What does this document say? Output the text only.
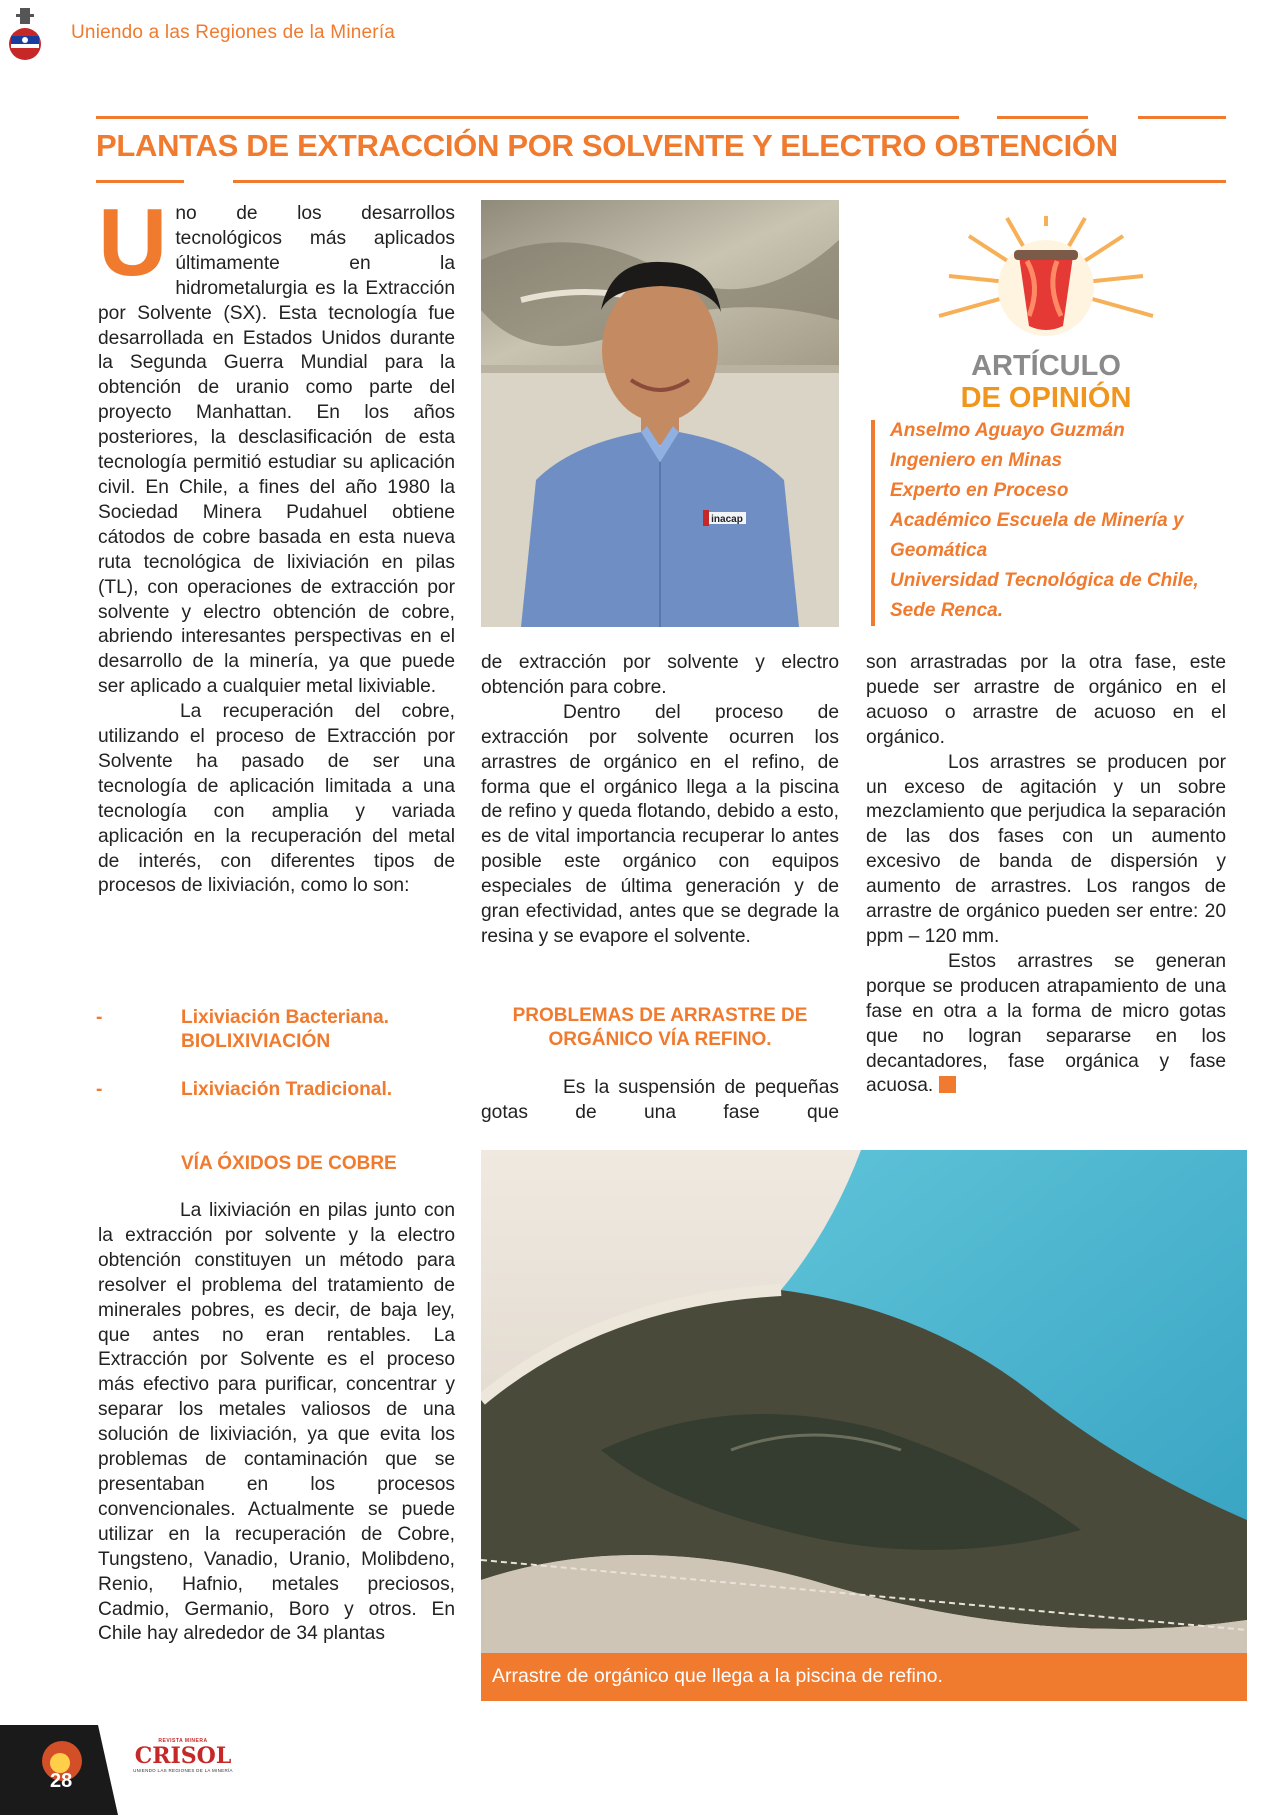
Uniendo a las Regiones de la Minería
PLANTAS DE EXTRACCIÓN POR SOLVENTE Y ELECTRO OBTENCIÓN
U no de los desarrollos tecnológicos más aplicados últimamente en la hidrometalurgia es la Extracción por Solvente (SX). Esta tecnología fue desarrollada en Estados Unidos durante la Segunda Guerra Mundial para la obtención de uranio como parte del proyecto Manhattan. En los años posteriores, la desclasificación de esta tecnología permitió estudiar su aplicación civil. En Chile, a fines del año 1980 la Sociedad Minera Pudahuel obtiene cátodos de cobre basada en esta nueva ruta tecnológica de lixiviación en pilas (TL), con operaciones de extracción por solvente y electro obtención de cobre, abriendo interesantes perspectivas en el desarrollo de la minería, ya que puede ser aplicado a cualquier metal lixiviable.

La recuperación del cobre, utilizando el proceso de Extracción por Solvente ha pasado de ser una tecnología de aplicación limitada a una tecnología con amplia y variada aplicación en la recuperación del metal de interés, con diferentes tipos de procesos de lixiviación, como lo son:

-	Lixiviación Bacteriana.
BIOLIXIVIACIÓN
-	Lixiviación Tradicional.
VÍA ÓXIDOS DE COBRE

La lixiviación en pilas junto con la extracción por solvente y la electro obtención constituyen un método para resolver el problema del tratamiento de minerales pobres, es decir, de baja ley, que antes no eran rentables. La Extracción por Solvente es el proceso más efectivo para purificar, concentrar y separar los metales valiosos de una solución de lixiviación, ya que evita los problemas de contaminación que se presentaban en los procesos convencionales. Actualmente se puede utilizar en la recuperación de Cobre, Tungsteno, Vanadio, Uranio, Molibdeno, Renio, Hafnio, metales preciosos, Cadmio, Germanio, Boro y otros. En Chile hay alrededor de 34 plantas

inacap
ARTÍCULO
DE OPINIÓN
Anselmo Aguayo Guzmán
Ingeniero en Minas
Experto en Proceso
Académico Escuela de Minería y
Geomática
Universidad Tecnológica de Chile,
Sede Renca.

de extracción por solvente y electro obtención para cobre.

Dentro del proceso de extracción por solvente ocurren los arrastres de orgánico en el refino, de forma que el orgánico llega a la piscina de refino y queda flotando, debido a esto, es de vital importancia recuperar lo antes posible este orgánico con equipos especiales de última generación y de gran efectividad, antes que se degrade la resina y se evapore el solvente.

PROBLEMAS DE ARRASTRE DE
ORGÁNICO VÍA REFINO.

Es la suspensión de pequeñas gotas de una fase que

son arrastradas por la otra fase, este puede ser arrastre de orgánico en el acuoso o arrastre de acuoso en el orgánico.

Los arrastres se producen por un exceso de agitación y un sobre mezclamiento que perjudica la separación de las dos fases con un aumento excesivo de banda de dispersión y aumento de arrastres. Los rangos de arrastre de orgánico pueden ser entre: 20 ppm – 120 mm.

Estos arrastres se generan porque se producen atrapamiento de una fase en otra a la forma de micro gotas que no logran separarse en los decantadores, fase orgánica y fase acuosa.

Arrastre de orgánico que llega a la piscina de refino.
28
REVISTA MINERA
CRISOL
UNIENDO LAS REGIONES DE LA MINERÍA
